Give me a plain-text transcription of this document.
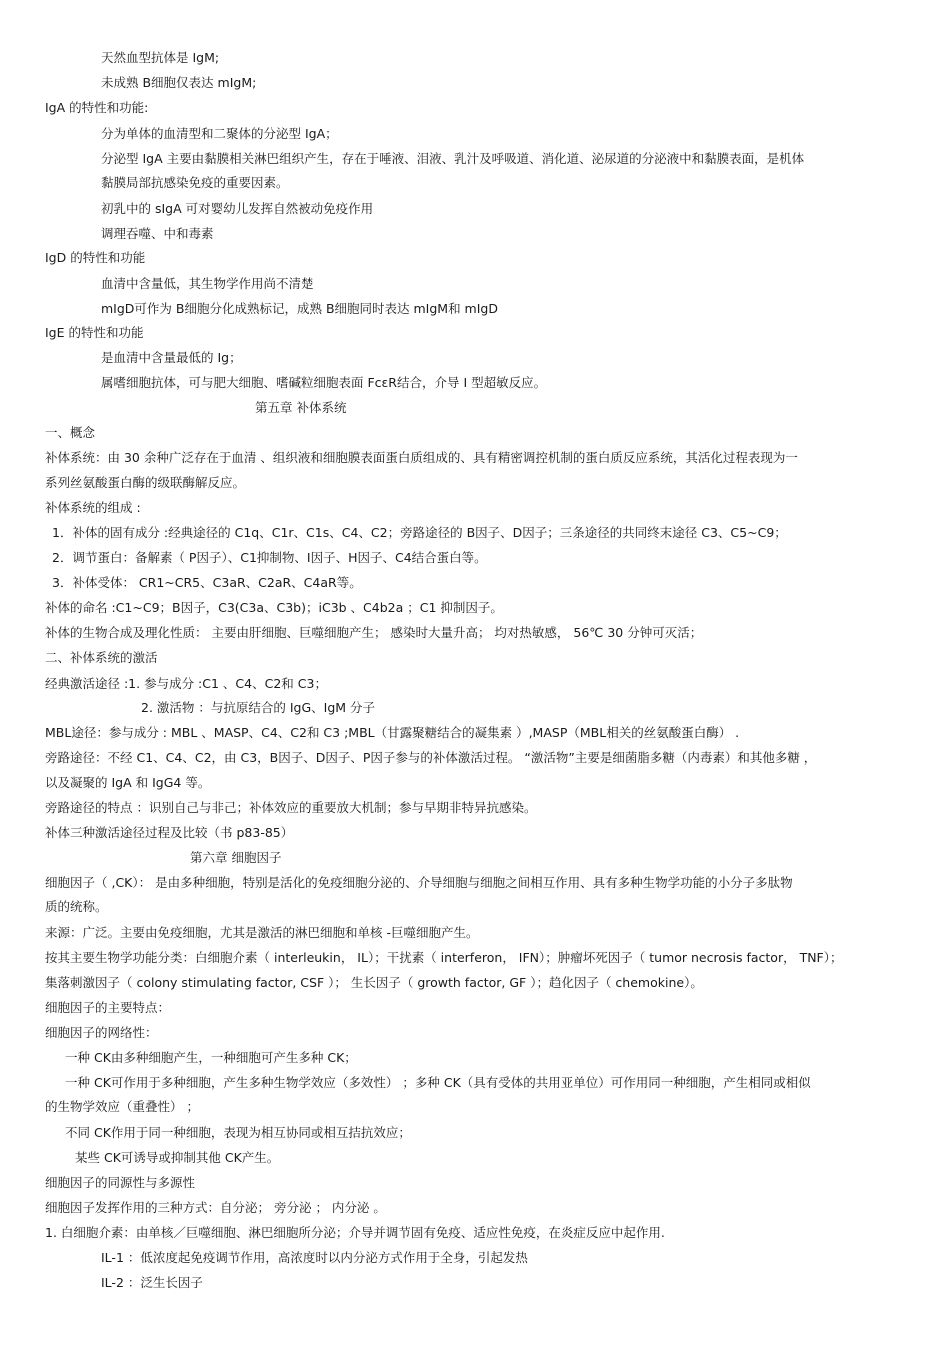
天然血型抗体是 IgM;
未成熟 B细胞仅表达 mIgM;
IgA 的特性和功能:
分为单体的血清型和二聚体的分泌型 IgA；
分泌型 IgA 主要由黏膜相关淋巴组织产生，存在于唾液、泪液、乳汁及呼吸道、消化道、泌尿道的分泌液中和黏膜表面，是机体
黏膜局部抗感染免疫的重要因素。
初乳中的 sIgA 可对婴幼儿发挥自然被动免疫作用
调理吞噬、中和毒素
IgD 的特性和功能
血清中含量低，其生物学作用尚不清楚
mIgD可作为 B细胞分化成熟标记，成熟 B细胞同时表达 mIgM和 mIgD
IgE 的特性和功能
是血清中含量最低的 Ig；
属嗜细胞抗体，可与肥大细胞、嗜碱粒细胞表面 FcεR结合，介导 I 型超敏反应。
第五章 补体系统
一、概念
补体系统：由 30 余种广泛存在于血清 、组织液和细胞膜表面蛋白质组成的、具有精密调控机制的蛋白质反应系统，其活化过程表现为一
系列丝氨酸蛋白酶的级联酶解反应。
补体系统的组成 :
1．补体的固有成分 :经典途径的 C1q、C1r、C1s、C4、C2；旁路途径的 B因子、D因子；三条途径的共同终末途径 C3、C5~C9；
2．调节蛋白：备解素（ P因子）、C1抑制物、I因子、H因子、C4结合蛋白等。
3．补体受体： CR1~CR5、C3aR、C2aR、C4aR等。
补体的命名 :C1~C9；B因子，C3(C3a、C3b)；iC3b 、C4b2a ；C1 抑制因子。
补体的生物合成及理化性质： 主要由肝细胞、巨噬细胞产生； 感染时大量升高； 均对热敏感， 56℃ 30 分钟可灭活；
二、补体系统的激活
经典激活途径 :1. 参与成分 :C1 、C4、C2和 C3；
2. 激活物 ：与抗原结合的 IgG、IgM 分子
MBL途径：参与成分 : MBL 、MASP、C4、C2和 C3 ;MBL（甘露聚糖结合的凝集素 ）,MASP（MBL相关的丝氨酸蛋白酶） .
旁路途径：不经 C1、C4、C2，由 C3，B因子、D因子、P因子参与的补体激活过程。 “激活物”主要是细菌脂多糖（内毒素）和其他多糖 ，
以及凝聚的 IgA 和 IgG4 等。
旁路途径的特点 ：识别自己与非己；补体效应的重要放大机制；参与早期非特异抗感染。
补体三种激活途径过程及比较（书 p83-85）
第六章 细胞因子
细胞因子（ ,CK）： 是由多种细胞，特别是活化的免疫细胞分泌的、介导细胞与细胞之间相互作用、具有多种生物学功能的小分子多肽物
质的统称。
来源：广泛。主要由免疫细胞，尤其是激活的淋巴细胞和单核 -巨噬细胞产生。
按其主要生物学功能分类：白细胞介素（ interleukin， IL）；干扰素（ interferon， IFN）；肿瘤坏死因子（ tumor necrosis factor， TNF）；
集落刺激因子（ colony stimulating factor, CSF ）； 生长因子（ growth factor, GF ）；趋化因子（ chemokine）。
细胞因子的主要特点：
细胞因子的网络性：
一种 CK由多种细胞产生，一种细胞可产生多种 CK；
一种 CK可作用于多种细胞，产生多种生物学效应（多效性） ；多种 CK（具有受体的共用亚单位）可作用同一种细胞，产生相同或相似
的生物学效应（重叠性） ；
不同 CK作用于同一种细胞，表现为相互协同或相互拮抗效应；
某些 CK可诱导或抑制其他 CK产生。
细胞因子的同源性与多源性
细胞因子发挥作用的三种方式：自分泌； 旁分泌 ； 内分泌 。
1. 白细胞介素：由单核／巨噬细胞、淋巴细胞所分泌；介导并调节固有免疫、适应性免疫，在炎症反应中起作用.
IL-1 ：低浓度起免疫调节作用，高浓度时以内分泌方式作用于全身，引起发热
IL-2 ：泛生长因子
